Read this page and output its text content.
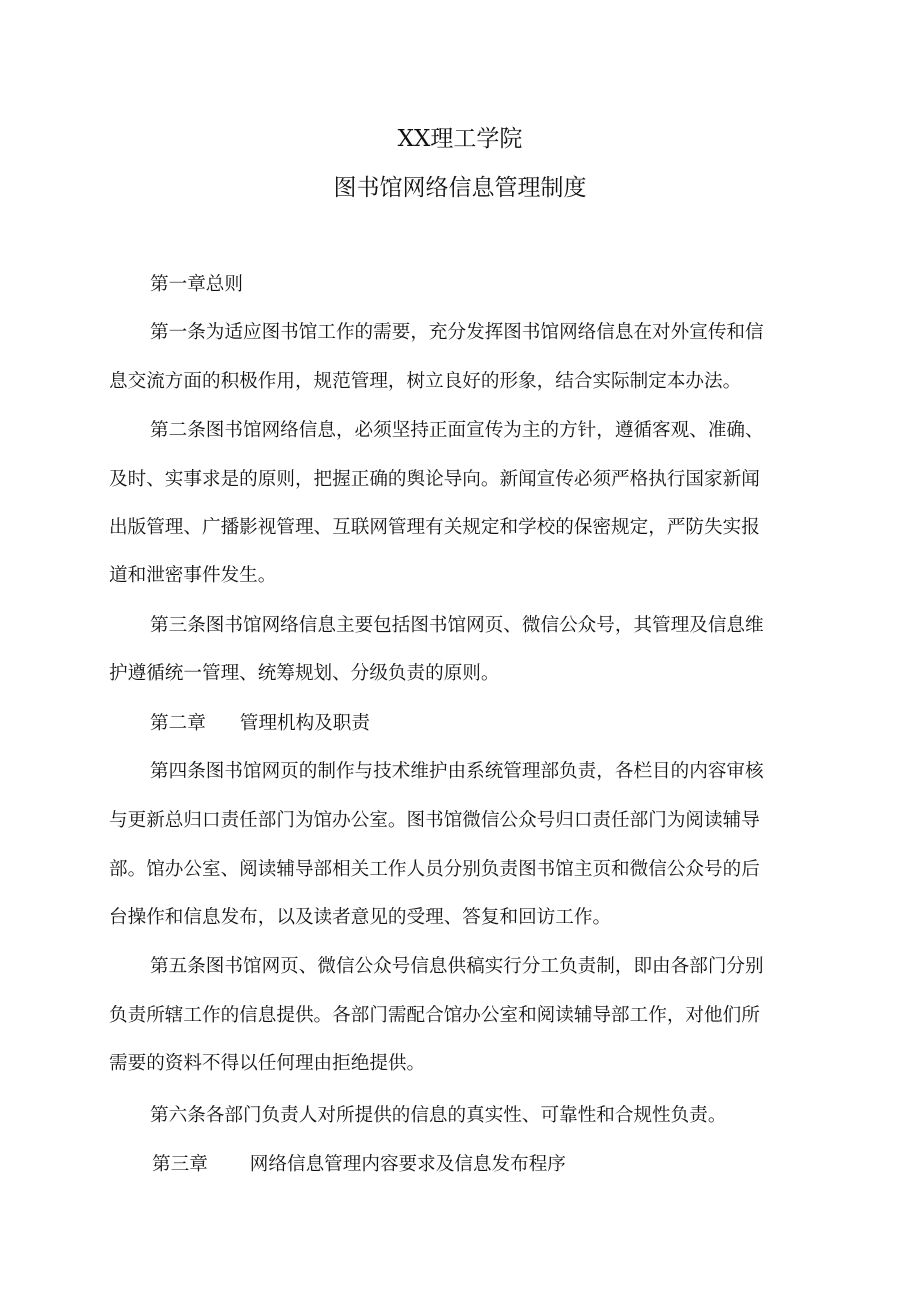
XX理工学院
图书馆网络信息管理制度
第一章总则
第一条为适应图书馆工作的需要，充分发挥图书馆网络信息在对外宣传和信
息交流方面的积极作用，规范管理，树立良好的形象，结合实际制定本办法。
第二条图书馆网络信息，必须坚持正面宣传为主的方针，遵循客观、准确、
及时、实事求是的原则，把握正确的舆论导向。新闻宣传必须严格执行国家新闻
出版管理、广播影视管理、互联网管理有关规定和学校的保密规定，严防失实报
道和泄密事件发生。
第三条图书馆网络信息主要包括图书馆网页、微信公众号，其管理及信息维
护遵循统一管理、统筹规划、分级负责的原则。
第二章 管理机构及职责
第四条图书馆网页的制作与技术维护由系统管理部负责，各栏目的内容审核
与更新总归口责任部门为馆办公室。图书馆微信公众号归口责任部门为阅读辅导
部。馆办公室、阅读辅导部相关工作人员分别负责图书馆主页和微信公众号的后
台操作和信息发布，以及读者意见的受理、答复和回访工作。
第五条图书馆网页、微信公众号信息供稿实行分工负责制，即由各部门分别
负责所辖工作的信息提供。各部门需配合馆办公室和阅读辅导部工作，对他们所
需要的资料不得以任何理由拒绝提供。
第六条各部门负责人对所提供的信息的真实性、可靠性和合规性负责。
第三章 网络信息管理内容要求及信息发布程序
